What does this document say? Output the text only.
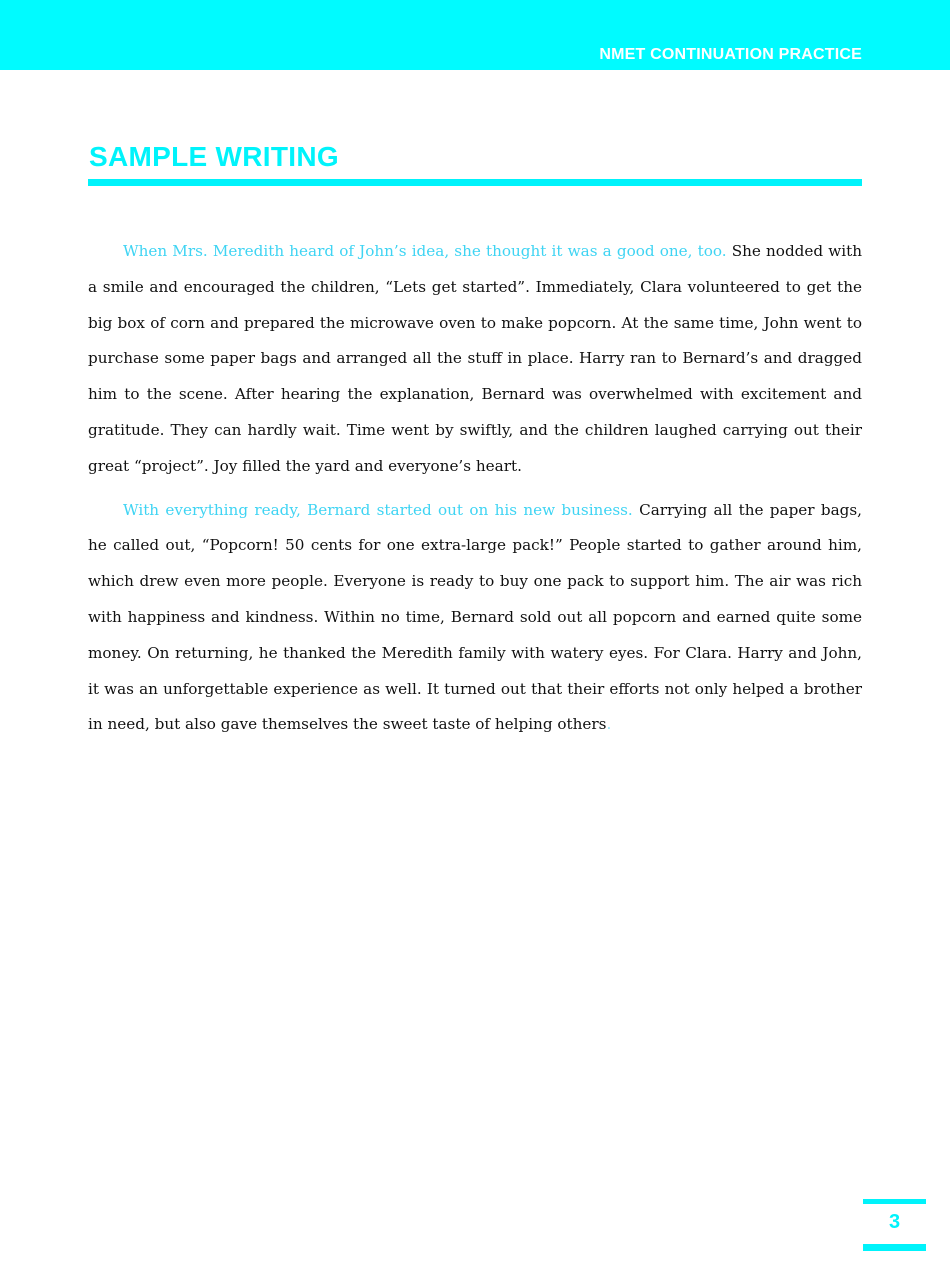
NMET CONTINUATION PRACTICE
SAMPLE WRITING

When Mrs. Meredith heard of John’s idea, she thought it was a good one, too. She nodded with a smile and encouraged the children, “Lets get started”. Immediately, Clara volunteered to get the big box of corn and prepared the microwave oven to make popcorn. At the same time, John went to purchase some paper bags and arranged all the stuff in place. Harry ran to Bernard’s and dragged him to the scene. After hearing the explanation, Bernard was overwhelmed with excitement and gratitude. They can hardly wait. Time went by swiftly, and the children laughed carrying out their great “project”. Joy filled the yard and everyone’s heart.

With everything ready, Bernard started out on his new business. Carrying all the paper bags, he called out, “Popcorn! 50 cents for one extra-large pack!” People started to gather around him, which drew even more people. Everyone is ready to buy one pack to support him. The air was rich with happiness and kindness. Within no time, Bernard sold out all popcorn and earned quite some money. On returning, he thanked the Meredith family with watery eyes. For Clara. Harry and John, it was an unforgettable experience as well. It turned out that their efforts not only helped a brother in need, but also gave themselves the sweet taste of helping others.

3
